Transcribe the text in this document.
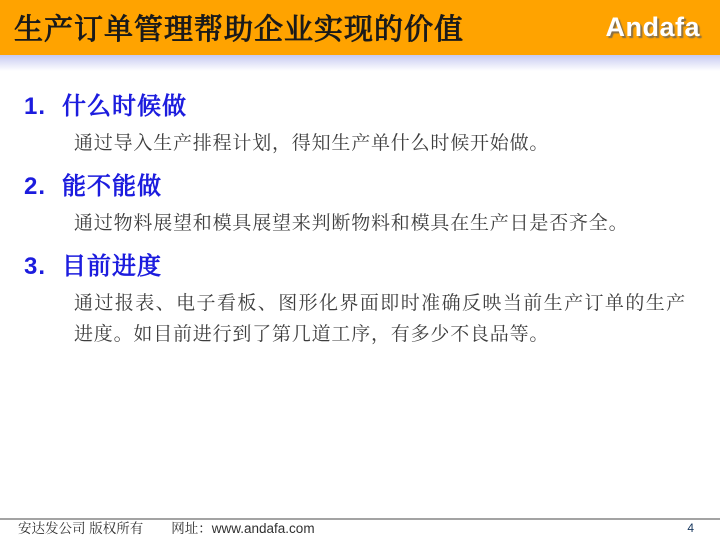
生产订单管理帮助企业实现的价值	Andafa
1. 什么时候做
通过导入生产排程计划，得知生产单什么时候开始做。
2. 能不能做
通过物料展望和模具展望来判断物料和模具在生产日是否齐全。
3. 目前进度
通过报表、电子看板、图形化界面即时准确反映当前生产订单的生产进度。如目前进行到了第几道工序，有多少不良品等。
安达发公司 版权所有 网址：www.andafa.com	4
